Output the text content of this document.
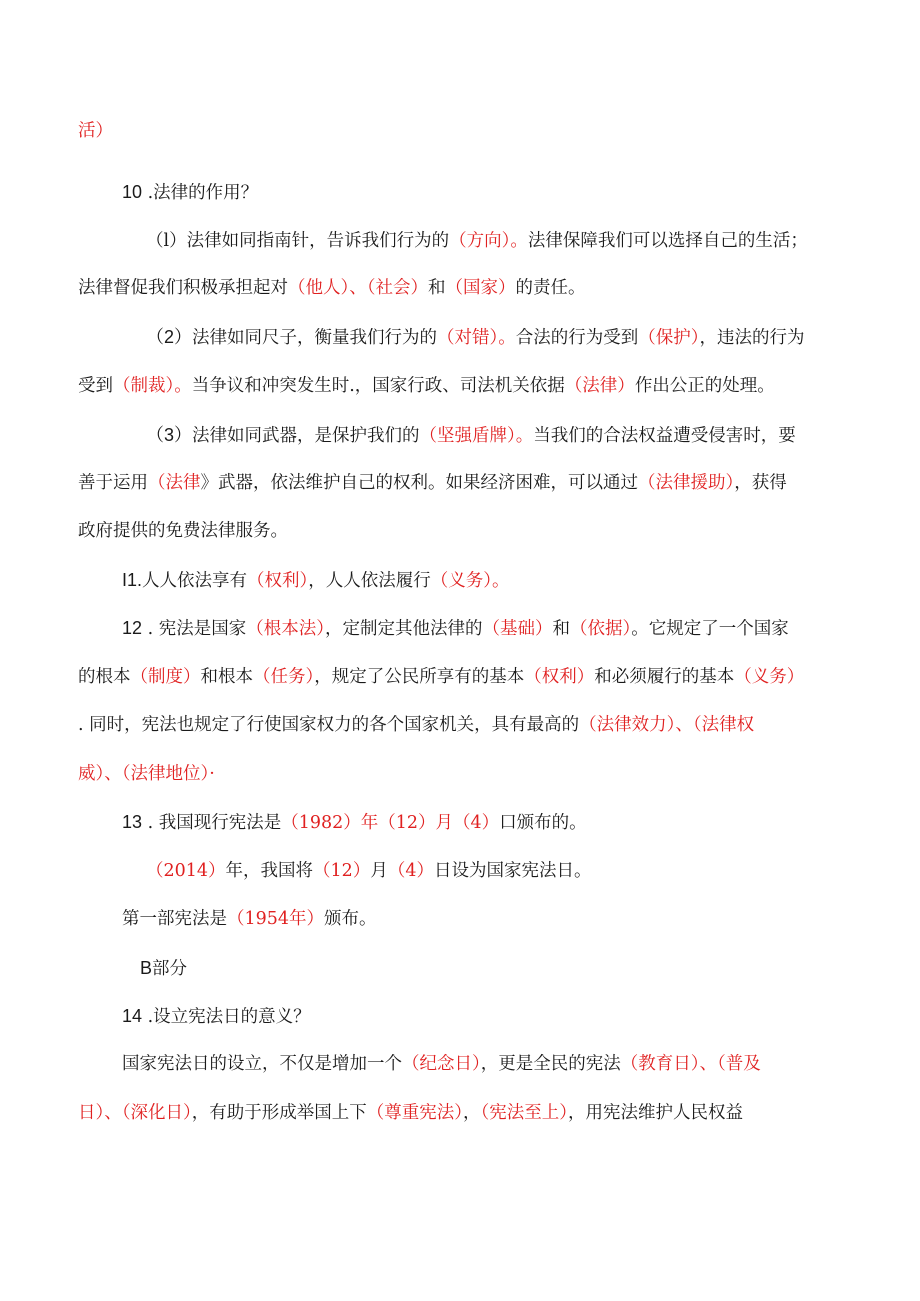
活）
10 .法律的作用？
（l）法律如同指南针，告诉我们行为的（方向）。法律保障我们可以选择自己的生活；
法律督促我们积极承担起对（他人）、（社会）和（国家）的责任。
（2）法律如同尺子，衡量我们行为的（对错）。合法的行为受到（保护），违法的行为
受到（制裁）。当争议和冲突发生时.，国家行政、司法机关依据（法律）作出公正的处理。
（3）法律如同武器，是保护我们的（坚强盾牌）。当我们的合法权益遭受侵害时，要
善于运用（法律》武器，依法维护自己的权利。如果经济困难，可以通过（法律援助），获得
政府提供的免费法律服务。
I1.人人依法享有（权利），人人依法履行（义务）。
12 . 宪法是国家（根本法），定制定其他法律的（基础）和（依据）。它规定了一个国家
的根本（制度）和根本（任务），规定了公民所享有的基本（权利）和必须履行的基本（义务）
. 同时，宪法也规定了行使国家权力的各个国家机关，具有最高的（法律效力）、（法律权
威）、（法律地位）·
13 . 我国现行宪法是（1982）年（12）月（4）口颁布的。
（2014）年，我国将（12）月（4）日设为国家宪法日。
第一部宪法是（1954年）颁布。
B部分
14 .设立宪法日的意义？
国家宪法日的设立，不仅是增加一个（纪念日），更是全民的宪法（教育日）、（普及
日）、（深化日），有助于形成举国上下（尊重宪法），（宪法至上），用宪法维护人民权益
